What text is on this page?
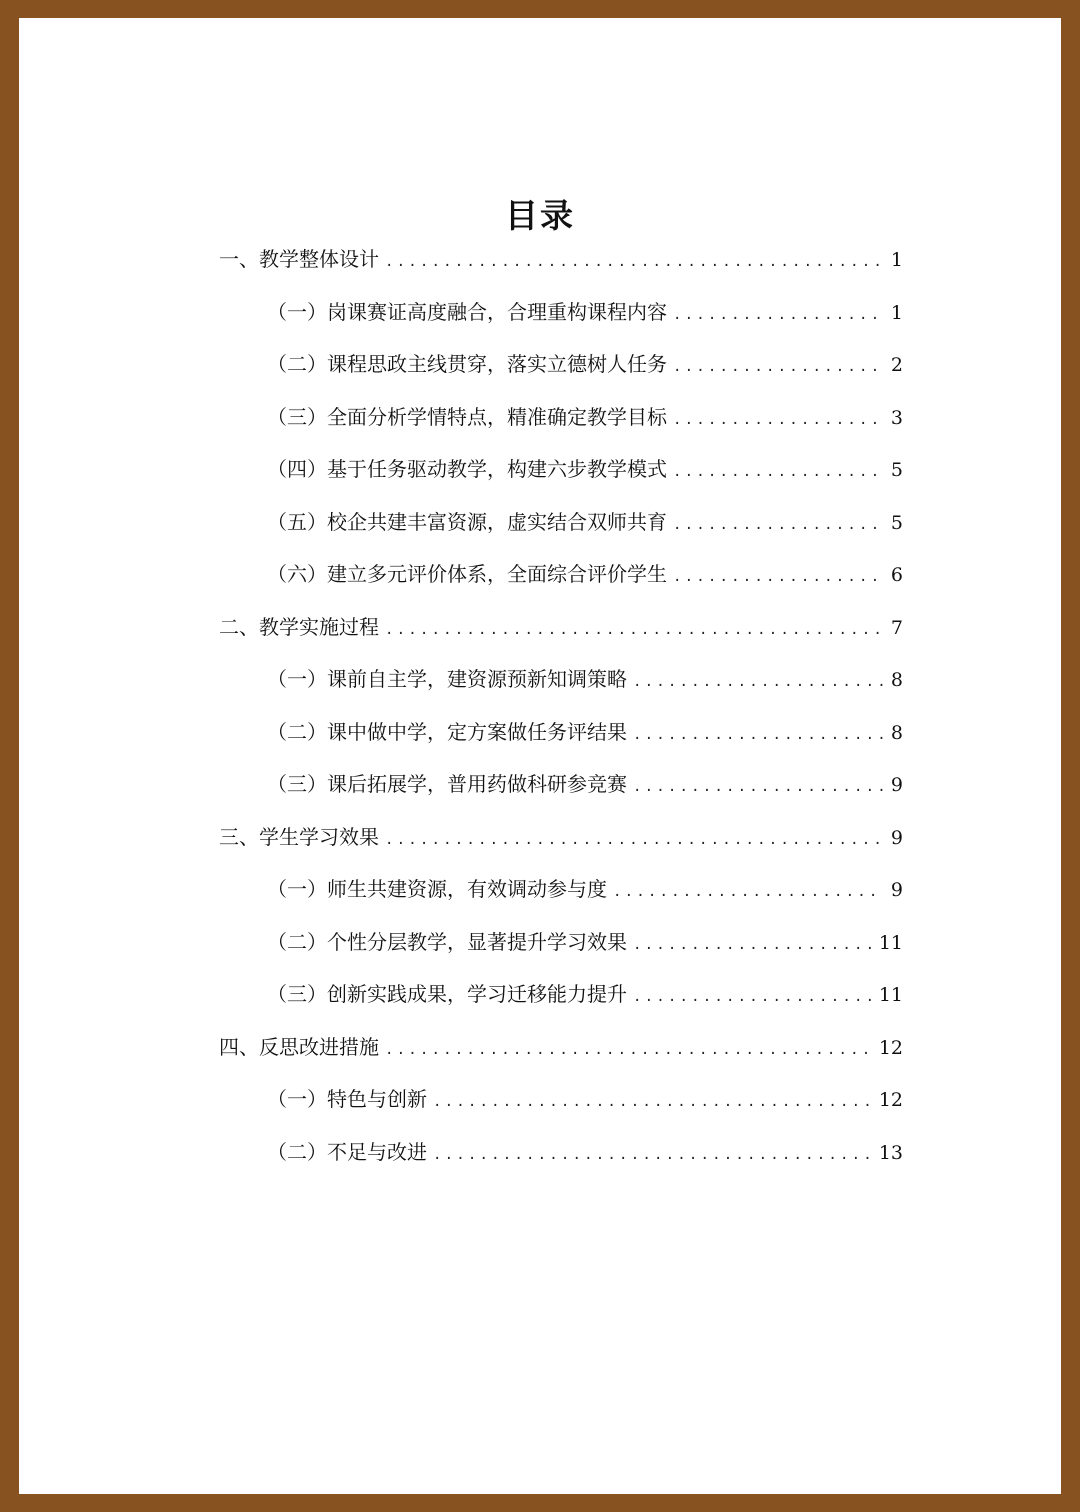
目录
一、教学整体设计 .....	1
（一）岗课赛证高度融合，合理重构课程内容 .....	1
（二）课程思政主线贯穿，落实立德树人任务 .....	2
（三）全面分析学情特点，精准确定教学目标 .....	3
（四）基于任务驱动教学，构建六步教学模式 .....	5
（五）校企共建丰富资源，虚实结合双师共育 .....	5
（六）建立多元评价体系，全面综合评价学生 .....	6
二、教学实施过程 .....	7
（一）课前自主学，建资源预新知调策略 .....	8
（二）课中做中学，定方案做任务评结果 .....	8
（三）课后拓展学，普用药做科研参竞赛 .....	9
三、学生学习效果 .....	9
（一）师生共建资源，有效调动参与度 .....	9
（二）个性分层教学，显著提升学习效果 .....	11
（三）创新实践成果，学习迁移能力提升 .....	11
四、反思改进措施 .....	12
（一）特色与创新 .....	12
（二）不足与改进 .....	13
